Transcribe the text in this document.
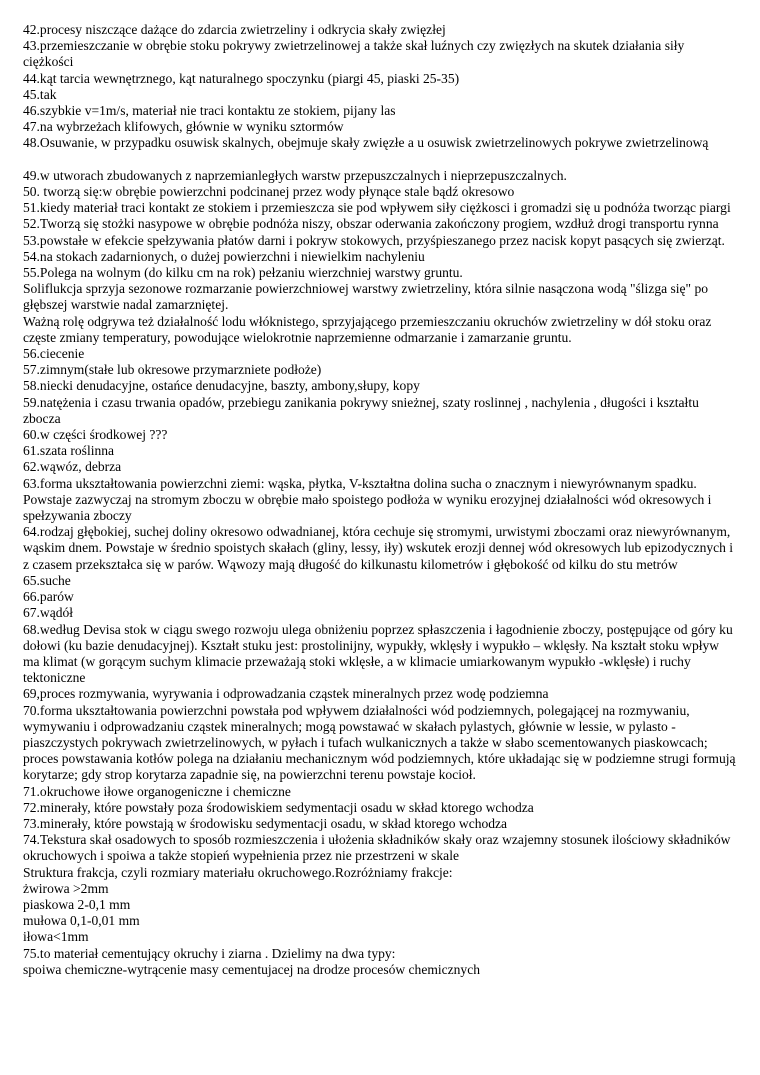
42.procesy niszczące dażące do zdarcia zwietrzeliny i odkrycia skały zwięzłej

43.przemieszczanie w obrębie stoku pokrywy zwietrzelinowej a także skał luźnych czy zwięzłych na skutek działania siły ciężkości

44.kąt tarcia wewnętrznego, kąt naturalnego spoczynku (piargi 45, piaski 25-35)

45.tak

46.szybkie v=1m/s, materiał nie traci kontaktu ze stokiem, pijany las

47.na wybrzeżach klifowych, głównie w wyniku sztormów

48.Osuwanie, w przypadku osuwisk skalnych, obejmuje skały zwięzłe a u osuwisk zwietrzelinowych pokrywe zwietrzelinową

49.w utworach zbudowanych z naprzemianległych warstw przepuszczalnych i nieprzepuszczalnych.

50. tworzą się:w obrębie powierzchni podcinanej przez wody płynące stale bądź okresowo

51.kiedy materiał traci kontakt ze stokiem i przemieszcza sie pod wpływem siły ciężkosci i gromadzi się u podnóża tworząc piargi

52.Tworzą się stożki nasypowe w obrębie podnóża niszy, obszar oderwania zakończony progiem, wzdłuż drogi transportu rynna

53.powstałe w efekcie spełzywania płatów darni i pokryw stokowych, przyśpieszanego przez nacisk kopyt pasących się zwierząt.

54.na stokach zadarnionych, o dużej powierzchni i niewielkim nachyleniu

55.Polega na wolnym (do kilku cm na rok) pełzaniu wierzchniej warstwy gruntu.

Soliflukcja sprzyja sezonowe rozmarzanie powierzchniowej warstwy zwietrzeliny, która silnie nasączona wodą "ślizga się" po głębszej warstwie nadal zamarzniętej.

Ważną rolę odgrywa też działalność lodu włóknistego, sprzyjającego przemieszczaniu okruchów zwietrzeliny w dół stoku oraz częste zmiany temperatury, powodujące wielokrotnie naprzemienne odmarzanie i zamarzanie gruntu.

56.ciecenie

57.zimnym(stałe lub okresowe przymarzniete podłoże)

58.niecki denudacyjne, ostańce denudacyjne, baszty, ambony,słupy, kopy

59.natężenia i czasu trwania opadów, przebiegu zanikania pokrywy snieżnej, szaty roslinnej , nachylenia , długości i kształtu zbocza

60.w części środkowej ???

61.szata roślinna

62.wąwóz, debrza

63.forma ukształtowania powierzchni ziemi: wąska, płytka, V-kształtna dolina sucha o znacznym i niewyrównanym spadku. Powstaje zazwyczaj na stromym zboczu w obrębie mało spoistego podłoża w wyniku erozyjnej działalności wód okresowych i spełzywania zboczy

64.rodzaj głębokiej, suchej doliny okresowo odwadnianej, która cechuje się stromymi, urwistymi zboczami oraz niewyrównanym, wąskim dnem. Powstaje w średnio spoistych skałach (gliny, lessy, iły) wskutek erozji dennej wód okresowych lub epizodycznych i z czasem przekształca się w parów. Wąwozy mają długość do kilkunastu kilometrów i głębokość od kilku do stu metrów

65.suche

66.parów

67.wądół

68.według Devisa stok w ciągu swego rozwoju ulega obniżeniu poprzez spłaszczenia i łagodnienie zboczy, postępujące od góry ku dołowi (ku bazie denudacyjnej). Kształt stuku jest: prostolinijny, wypukły, wklęsły i wypukło – wklęsły. Na kształt stoku wpływ ma klimat (w gorącym suchym klimacie przeważają stoki wklęsłe, a w klimacie umiarkowanym wypukło -wklęsłe) i ruchy tektoniczne

69,proces rozmywania, wyrywania i odprowadzania cząstek mineralnych przez wodę podziemna

70.forma ukształtowania powierzchni powstała pod wpływem działalności wód podziemnych, polegającej na rozmywaniu, wymywaniu i odprowadzaniu cząstek mineralnych; mogą powstawać w skałach pylastych, głównie w lessie, w pylasto - piaszczystych pokrywach zwietrzelinowych, w pyłach i tufach wulkanicznych a także w słabo scementowanych piaskowcach; proces powstawania kotłów polega na działaniu mechanicznym wód podziemnych, które układając się w podziemne strugi formują korytarze; gdy strop korytarza zapadnie się, na powierzchni terenu powstaje kocioł.

71.okruchowe iłowe organogeniczne i chemiczne

72.minerały, które powstały poza środowiskiem sedymentacji osadu w skład ktorego wchodza

73.minerały, które powstają w środowisku sedymentacji osadu, w skład ktorego wchodza

74.Tekstura skał osadowych to sposób rozmieszczenia i ułożenia składników skały oraz wzajemny stosunek ilościowy składników okruchowych i spoiwa a także stopień wypełnienia przez nie przestrzeni w skale

Struktura frakcja, czyli rozmiary materiału okruchowego.Rozróżniamy frakcje:

żwirowa >2mm

piaskowa 2-0,1 mm

mułowa 0,1-0,01 mm

iłowa<1mm

75.to materiał cementujący okruchy i ziarna . Dzielimy na dwa typy:

spoiwa chemiczne-wytrącenie masy cementujacej na drodze procesów chemicznych
